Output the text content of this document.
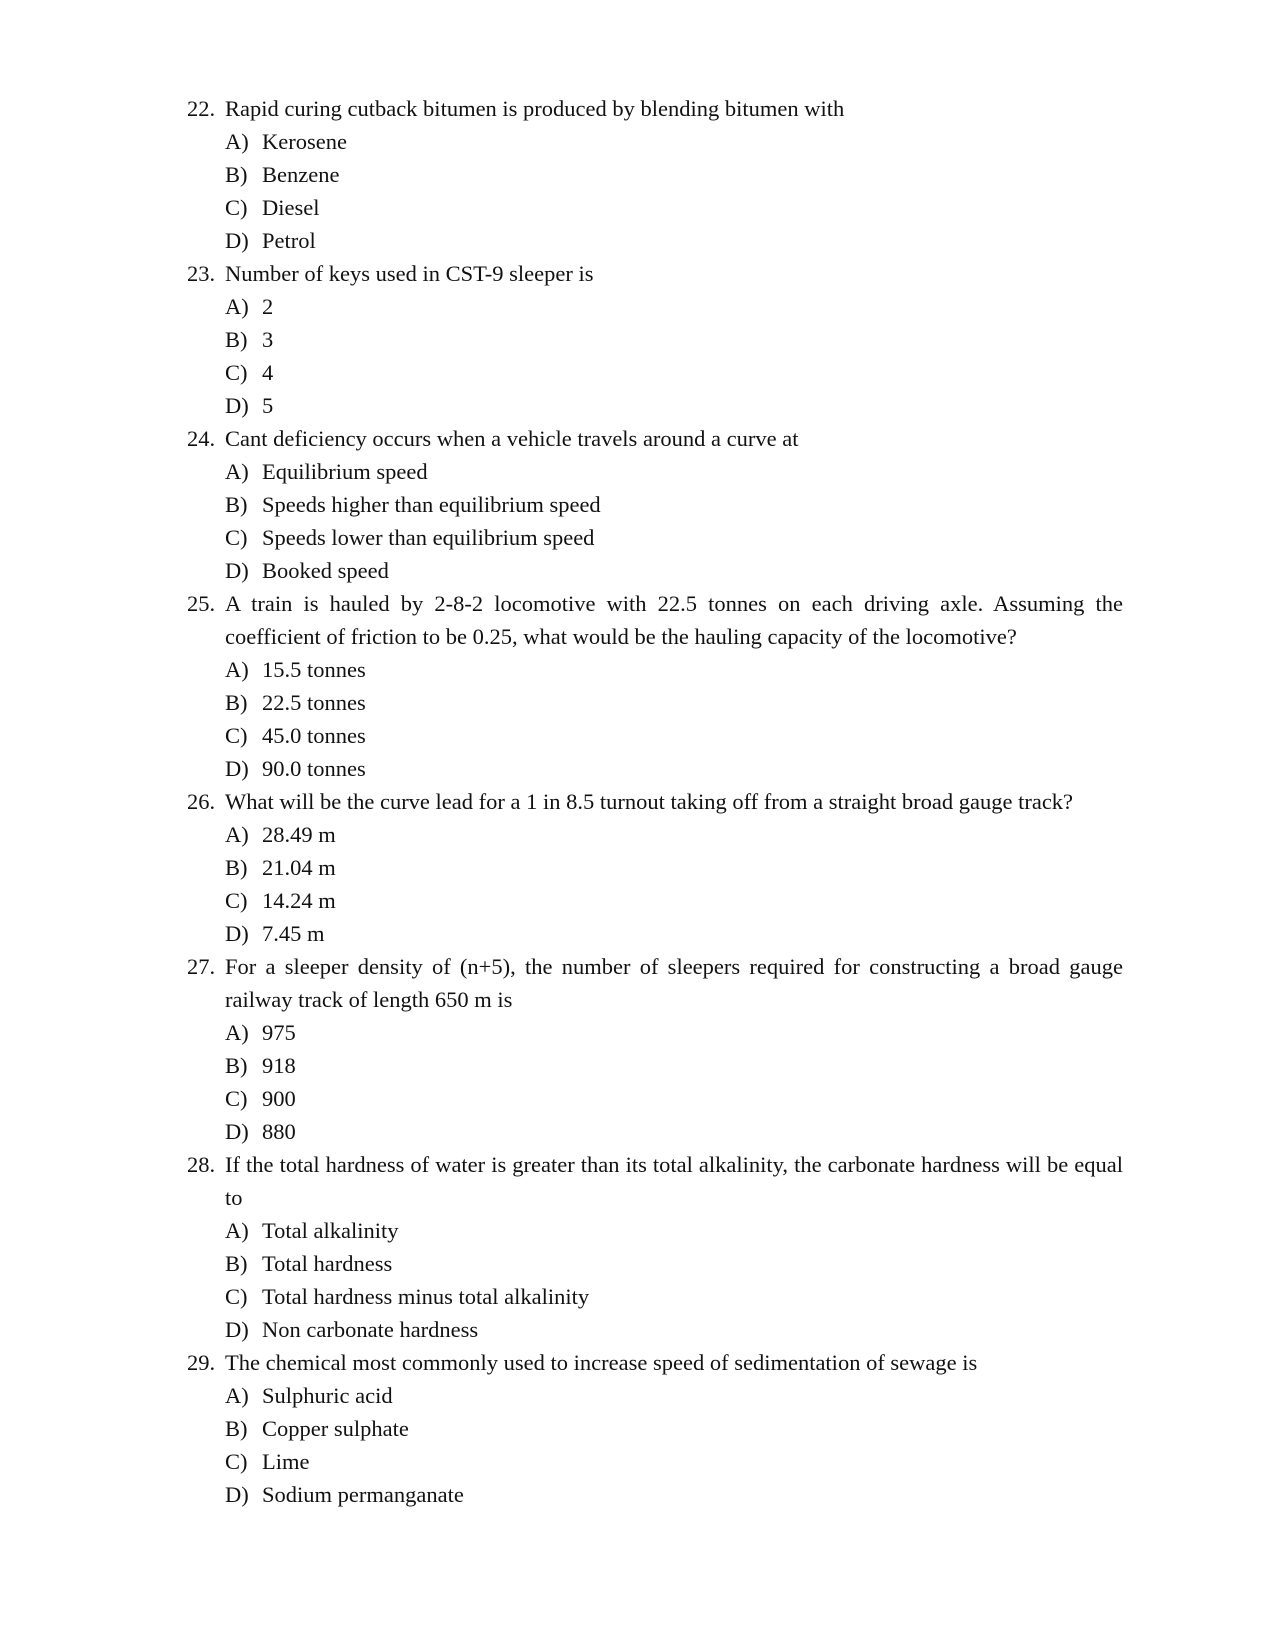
22. Rapid curing cutback bitumen is produced by blending bitumen with
A) Kerosene
B) Benzene
C) Diesel
D) Petrol
23. Number of keys used in CST-9 sleeper is
A) 2
B) 3
C) 4
D) 5
24. Cant deficiency occurs when a vehicle travels around a curve at
A) Equilibrium speed
B) Speeds higher than equilibrium speed
C) Speeds lower than equilibrium speed
D) Booked speed
25. A train is hauled by 2-8-2 locomotive with 22.5 tonnes on each driving axle. Assuming the coefficient of friction to be 0.25, what would be the hauling capacity of the locomotive?
A) 15.5 tonnes
B) 22.5 tonnes
C) 45.0 tonnes
D) 90.0 tonnes
26. What will be the curve lead for a 1 in 8.5 turnout taking off from a straight broad gauge track?
A) 28.49 m
B) 21.04 m
C) 14.24 m
D) 7.45 m
27. For a sleeper density of (n+5), the number of sleepers required for constructing a broad gauge railway track of length 650 m is
A) 975
B) 918
C) 900
D) 880
28. If the total hardness of water is greater than its total alkalinity, the carbonate hardness will be equal to
A) Total alkalinity
B) Total hardness
C) Total hardness minus total alkalinity
D) Non carbonate hardness
29. The chemical most commonly used to increase speed of sedimentation of sewage is
A) Sulphuric acid
B) Copper sulphate
C) Lime
D) Sodium permanganate
